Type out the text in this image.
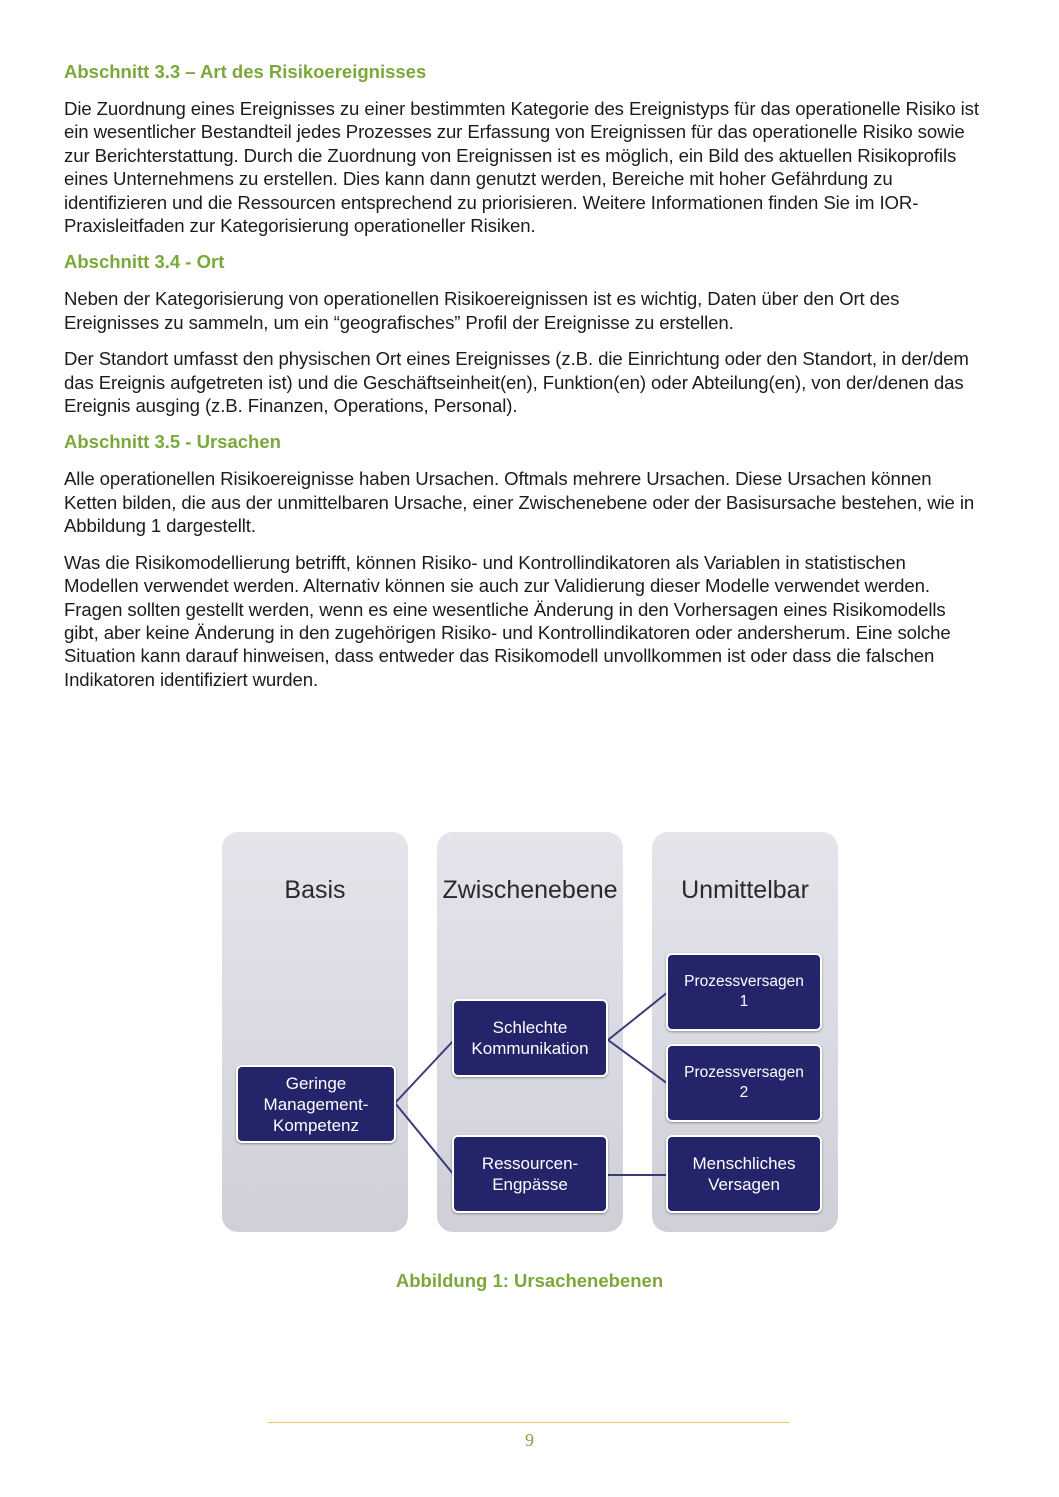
Abschnitt 3.3 – Art des Risikoereignisses

Die Zuordnung eines Ereignisses zu einer bestimmten Kategorie des Ereignistyps für das operationelle Risiko ist ein wesentlicher Bestandteil jedes Prozesses zur Erfassung von Ereignissen für das operationelle Risiko sowie zur Berichterstattung. Durch die Zuordnung von Ereignissen ist es möglich, ein Bild des aktuellen Risikoprofils eines Unternehmens zu erstellen. Dies kann dann genutzt werden, Bereiche mit hoher Gefährdung zu identifizieren und die Ressourcen entsprechend zu priorisieren. Weitere Informationen finden Sie im IOR-Praxisleitfaden zur Kategorisierung operationeller Risiken.

Abschnitt 3.4 - Ort

Neben der Kategorisierung von operationellen Risikoereignissen ist es wichtig, Daten über den Ort des Ereignisses zu sammeln, um ein “geografisches” Profil der Ereignisse zu erstellen.

Der Standort umfasst den physischen Ort eines Ereignisses (z.B. die Einrichtung oder den Standort, in der/dem das Ereignis aufgetreten ist) und die Geschäftseinheit(en), Funktion(en) oder Abteilung(en), von der/denen das Ereignis ausging (z.B. Finanzen, Operations, Personal).

Abschnitt 3.5 - Ursachen

Alle operationellen Risikoereignisse haben Ursachen. Oftmals mehrere Ursachen. Diese Ursachen können Ketten bilden, die aus der unmittelbaren Ursache, einer Zwischenebene oder der Basisursache bestehen, wie in Abbildung 1 dargestellt.

Was die Risikomodellierung betrifft, können Risiko- und Kontrollindikatoren als Variablen in statistischen Modellen verwendet werden. Alternativ können sie auch zur Validierung dieser Modelle verwendet werden. Fragen sollten gestellt werden, wenn es eine wesentliche Änderung in den Vorhersagen eines Risikomodells gibt, aber keine Änderung in den zugehörigen Risiko- und Kontrollindikatoren oder andersherum. Eine solche Situation kann darauf hinweisen, dass entweder das Risikomodell unvollkommen ist oder dass die falschen Indikatoren identifiziert wurden.

Basis	Zwischenebene	Unmittelbar
Geringe
Management-
Kompetenz
Schlechte
Kommunikation
Ressourcen-
Engpässe
Prozessversagen
1
Prozessversagen
2
Menschliches
Versagen
Abbildung 1: Ursachenebenen
9
